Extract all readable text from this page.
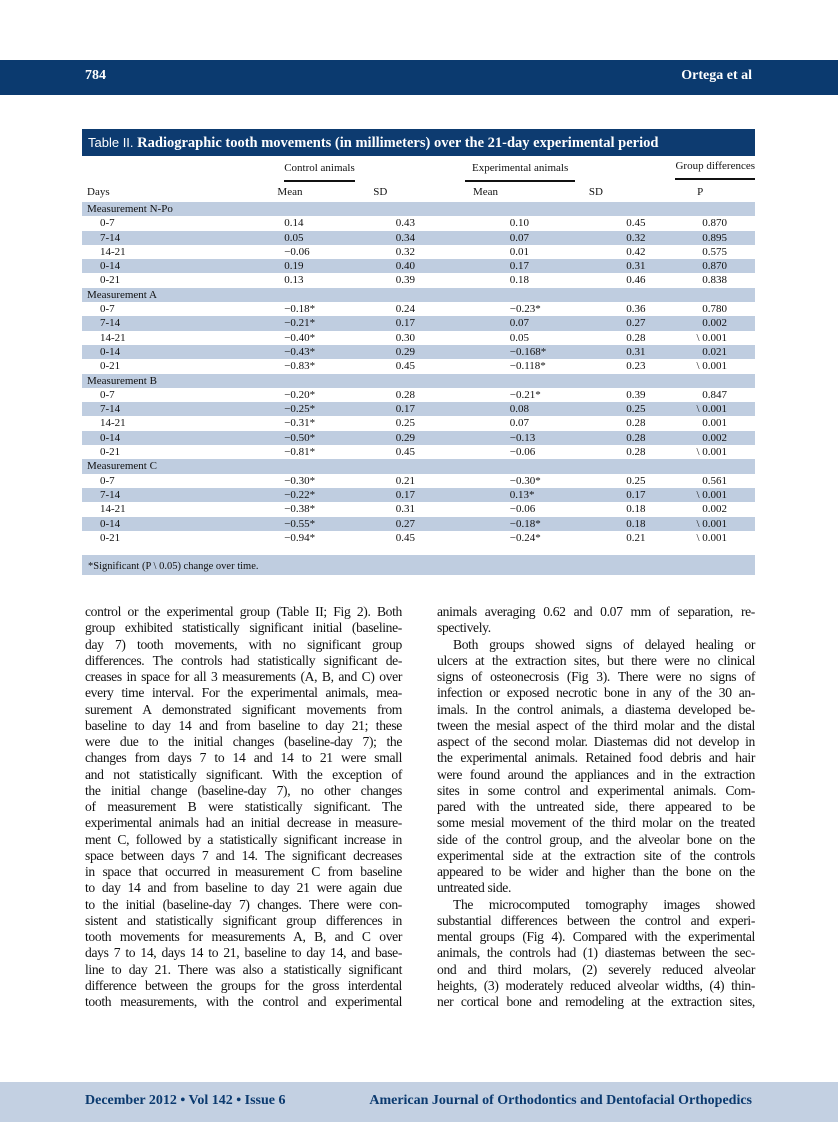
784	Ortega et al
Table II. Radiographic tooth movements (in millimeters) over the 21-day experimental period
	Control animals		Experimental animals		Group differences
Days	Mean	SD	Mean	SD	P
Measurement N-Po					
0-7	0.14	0.43	0.10	0.45	0.870
7-14	0.05	0.34	0.07	0.32	0.895
14-21	−0.06	0.32	0.01	0.42	0.575
0-14	0.19	0.40	0.17	0.31	0.870
0-21	0.13	0.39	0.18	0.46	0.838
Measurement A					
0-7	−0.18*	0.24	−0.23*	0.36	0.780
7-14	−0.21*	0.17	0.07	0.27	0.002
14-21	−0.40*	0.30	0.05	0.28	\ 0.001
0-14	−0.43*	0.29	−0.168*	0.31	0.021
0-21	−0.83*	0.45	−0.118*	0.23	\ 0.001
Measurement B					
0-7	−0.20*	0.28	−0.21*	0.39	0.847
7-14	−0.25*	0.17	0.08	0.25	\ 0.001
14-21	−0.31*	0.25	0.07	0.28	0.001
0-14	−0.50*	0.29	−0.13	0.28	0.002
0-21	−0.81*	0.45	−0.06	0.28	\ 0.001
Measurement C					
0-7	−0.30*	0.21	−0.30*	0.25	0.561
7-14	−0.22*	0.17	0.13*	0.17	\ 0.001
14-21	−0.38*	0.31	−0.06	0.18	0.002
0-14	−0.55*	0.27	−0.18*	0.18	\ 0.001
0-21	−0.94*	0.45	−0.24*	0.21	\ 0.001
*Significant (P \ 0.05) change over time.
control or the experimental group (Table II; Fig 2). Both
group exhibited statistically significant initial (baseline-
day 7) tooth movements, with no significant group
differences. The controls had statistically significant de-
creases in space for all 3 measurements (A, B, and C) over
every time interval. For the experimental animals, mea-
surement A demonstrated significant movements from
baseline to day 14 and from baseline to day 21; these
were due to the initial changes (baseline-day 7); the
changes from days 7 to 14 and 14 to 21 were small
and not statistically significant. With the exception of
the initial change (baseline-day 7), no other changes
of measurement B were statistically significant. The
experimental animals had an initial decrease in measure-
ment C, followed by a statistically significant increase in
space between days 7 and 14. The significant decreases
in space that occurred in measurement C from baseline
to day 14 and from baseline to day 21 were again due
to the initial (baseline-day 7) changes. There were con-
sistent and statistically significant group differences in
tooth movements for measurements A, B, and C over
days 7 to 14, days 14 to 21, baseline to day 14, and base-
line to day 21. There was also a statistically significant
difference between the groups for the gross interdental
tooth measurements, with the control and experimental
animals averaging 0.62 and 0.07 mm of separation, re-
spectively.
Both groups showed signs of delayed healing or
ulcers at the extraction sites, but there were no clinical
signs of osteonecrosis (Fig 3). There were no signs of
infection or exposed necrotic bone in any of the 30 an-
imals. In the control animals, a diastema developed be-
tween the mesial aspect of the third molar and the distal
aspect of the second molar. Diastemas did not develop in
the experimental animals. Retained food debris and hair
were found around the appliances and in the extraction
sites in some control and experimental animals. Com-
pared with the untreated side, there appeared to be
some mesial movement of the third molar on the treated
side of the control group, and the alveolar bone on the
experimental side at the extraction site of the controls
appeared to be wider and higher than the bone on the
untreated side.
The microcomputed tomography images showed
substantial differences between the control and experi-
mental groups (Fig 4). Compared with the experimental
animals, the controls had (1) diastemas between the sec-
ond and third molars, (2) severely reduced alveolar
heights, (3) moderately reduced alveolar widths, (4) thin-
ner cortical bone and remodeling at the extraction sites,
December 2012 • Vol 142 • Issue 6	American Journal of Orthodontics and Dentofacial Orthopedics
